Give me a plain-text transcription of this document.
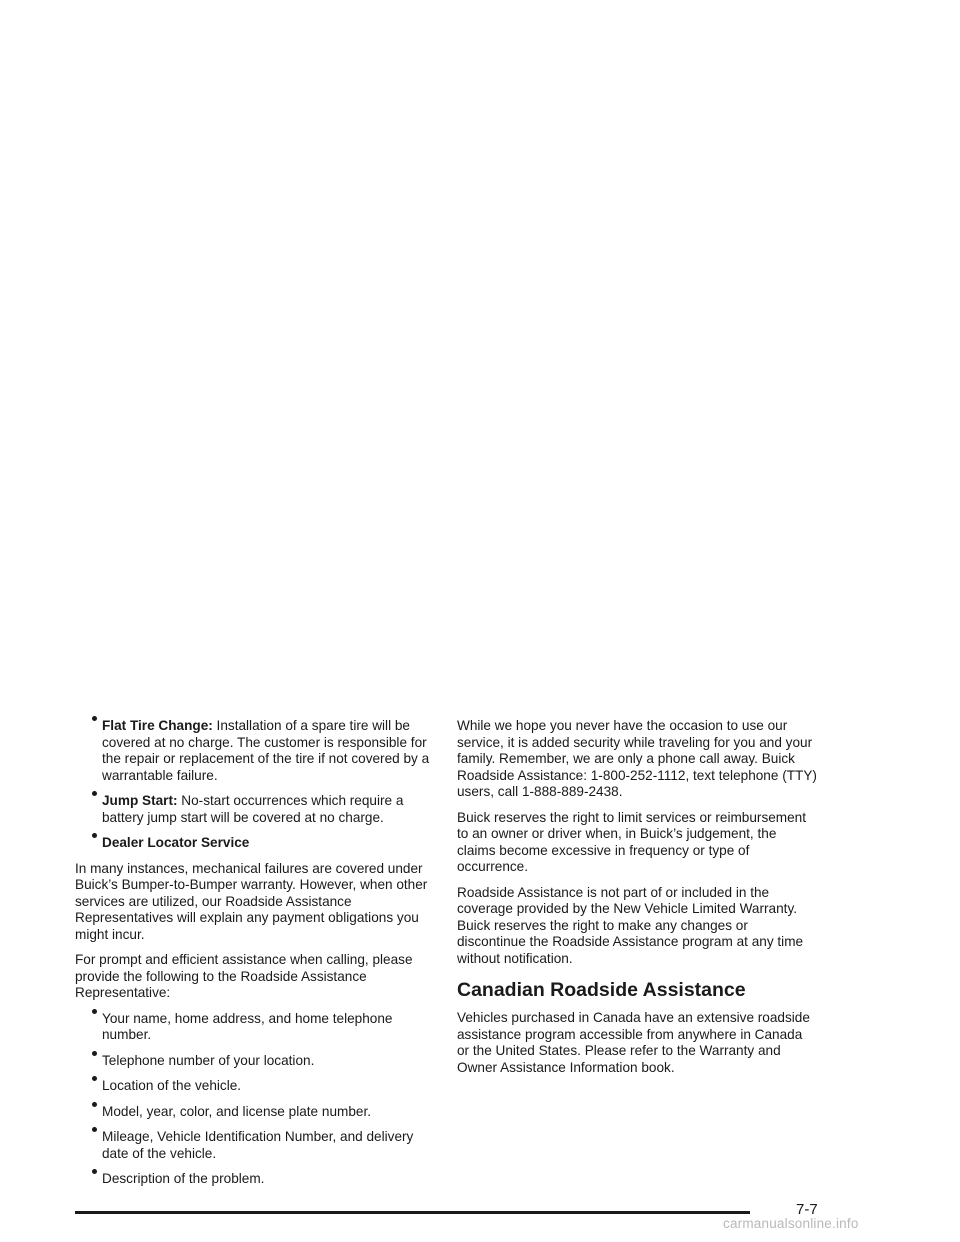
Flat Tire Change: Installation of a spare tire will be covered at no charge. The customer is responsible for the repair or replacement of the tire if not covered by a warrantable failure.
Jump Start: No-start occurrences which require a battery jump start will be covered at no charge.
Dealer Locator Service

In many instances, mechanical failures are covered under Buick’s Bumper-to-Bumper warranty. However, when other services are utilized, our Roadside Assistance Representatives will explain any payment obligations you might incur.

For prompt and efficient assistance when calling, please provide the following to the Roadside Assistance Representative:

Your name, home address, and home telephone number.
Telephone number of your location.
Location of the vehicle.
Model, year, color, and license plate number.
Mileage, Vehicle Identification Number, and delivery date of the vehicle.
Description of the problem.

While we hope you never have the occasion to use our service, it is added security while traveling for you and your family. Remember, we are only a phone call away. Buick Roadside Assistance: 1-800-252-1112, text telephone (TTY) users, call 1-888-889-2438.

Buick reserves the right to limit services or reimbursement to an owner or driver when, in Buick’s judgement, the claims become excessive in frequency or type of occurrence.

Roadside Assistance is not part of or included in the coverage provided by the New Vehicle Limited Warranty. Buick reserves the right to make any changes or discontinue the Roadside Assistance program at any time without notification.

Canadian Roadside Assistance

Vehicles purchased in Canada have an extensive roadside assistance program accessible from anywhere in Canada or the United States. Please refer to the Warranty and Owner Assistance Information book.

7-7
carmanualsonline.info
